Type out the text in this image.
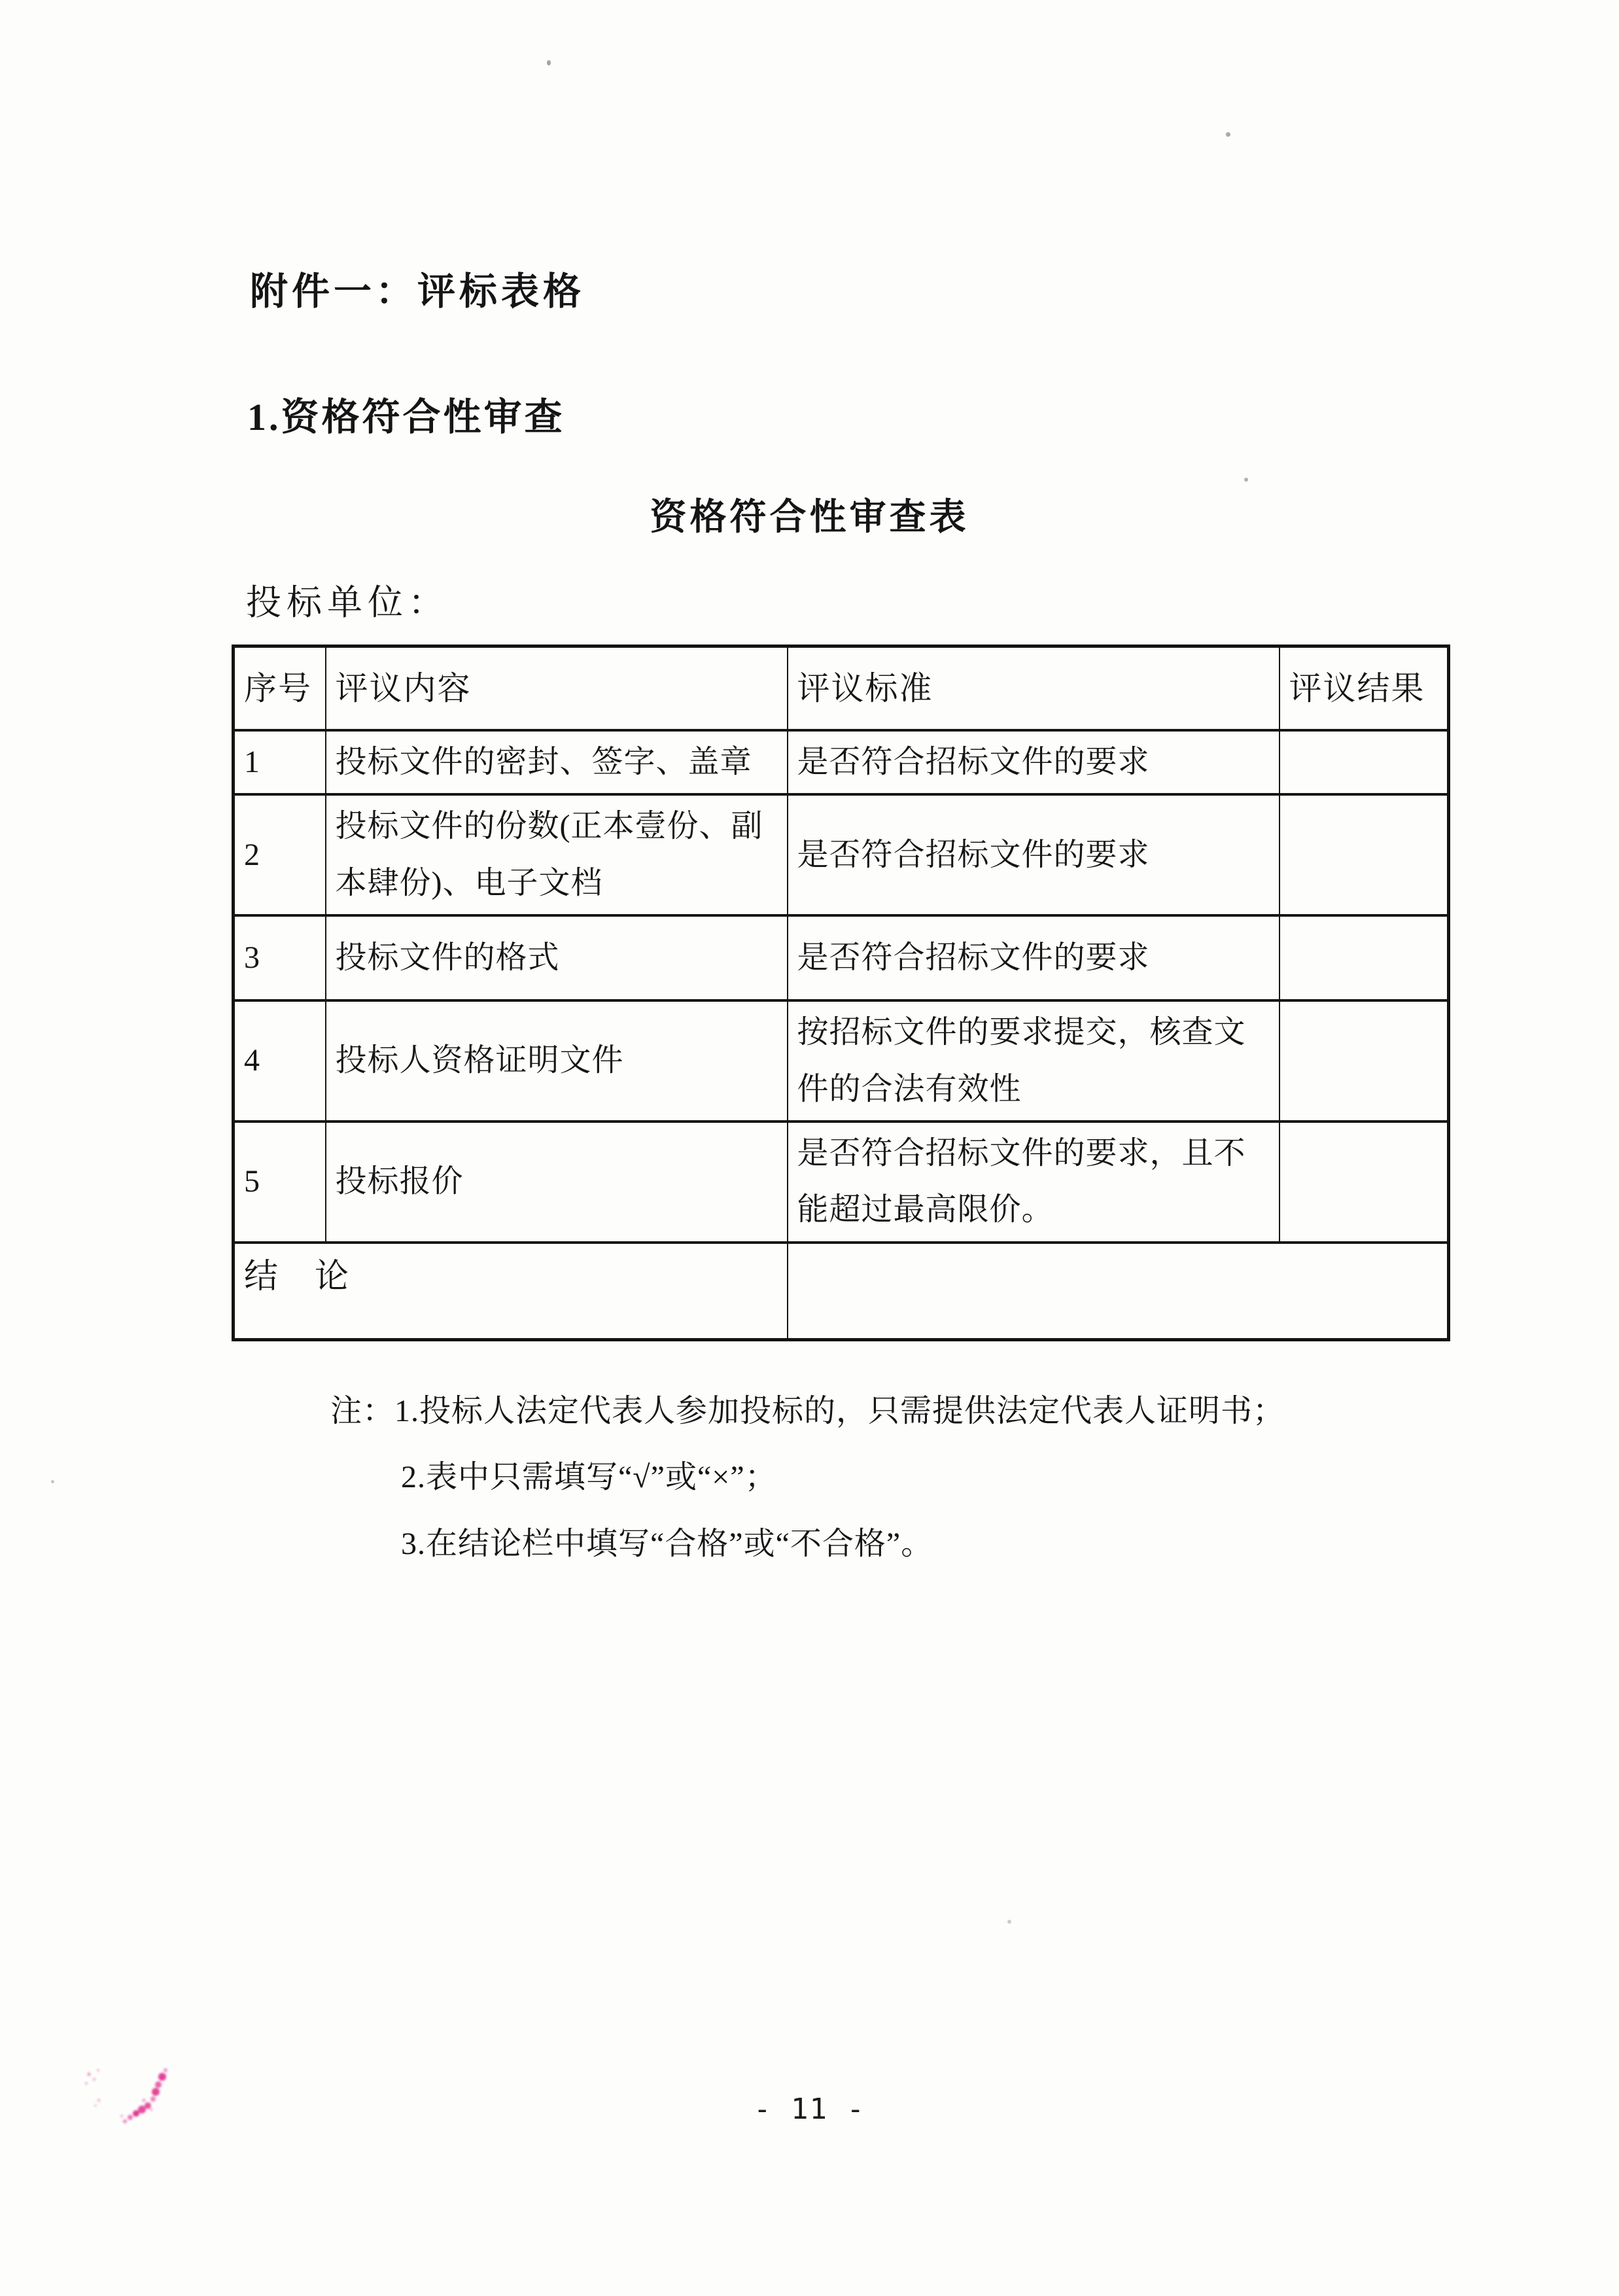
附件一：评标表格
1.资格符合性审查
资格符合性审查表
投标单位：
序号	评议内容	评议标准	评议结果
1	投标文件的密封、签字、盖章	是否符合招标文件的要求	
2	投标文件的份数(正本壹份、副本肆份)、电子文档	是否符合招标文件的要求	
3	投标文件的格式	是否符合招标文件的要求	
4	投标人资格证明文件	按招标文件的要求提交，核查文件的合法有效性	
5	投标报价	是否符合招标文件的要求，且不能超过最高限价。	
结　论			
注：1.投标人法定代表人参加投标的，只需提供法定代表人证明书；
2.表中只需填写“√”或“×”；
3.在结论栏中填写“合格”或“不合格”。
- 11 -
